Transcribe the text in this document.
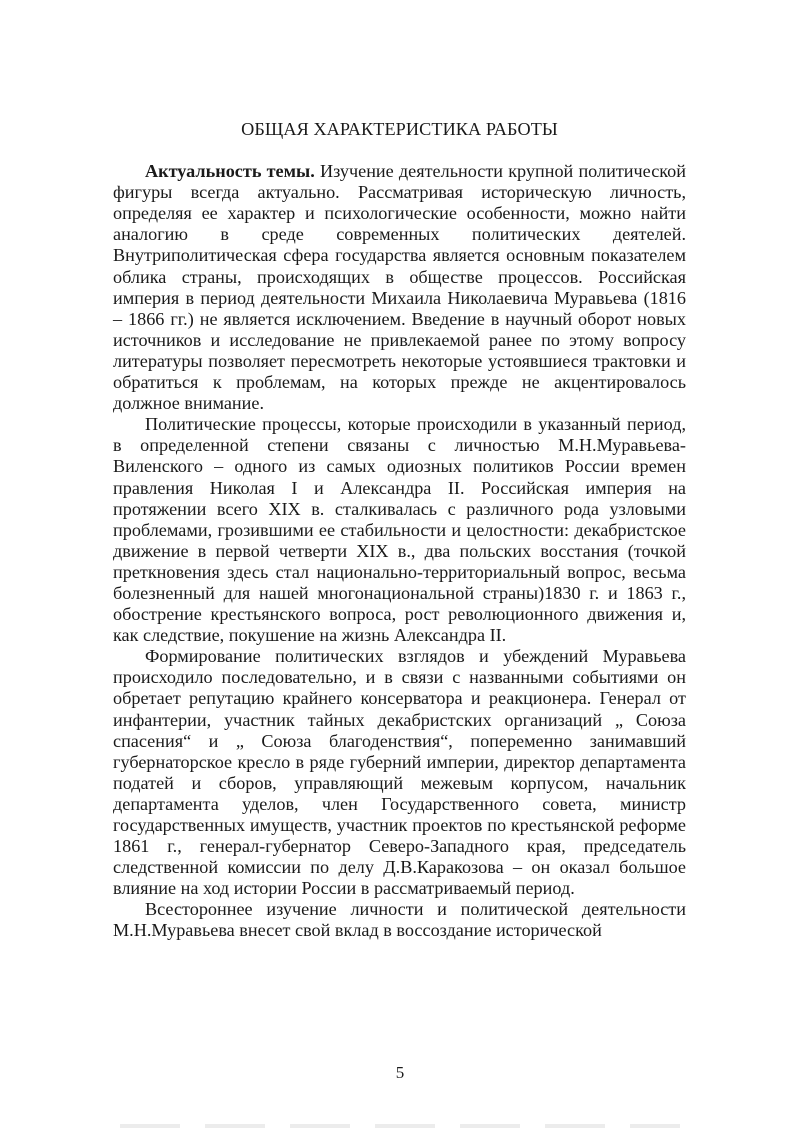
ОБЩАЯ ХАРАКТЕРИСТИКА РАБОТЫ

Актуальность темы. Изучение деятельности крупной политической фигуры всегда актуально. Рассматривая историческую личность, определяя ее характер и психологические особенности, можно найти аналогию в среде современных политических деятелей. Внутриполитическая сфера государства является основным показателем облика страны, происходящих в обществе процессов. Российская империя в период деятельности Михаила Николаевича Муравьева (1816 – 1866 гг.) не является исключением. Введение в научный оборот новых источников и исследование не привлекаемой ранее по этому вопросу литературы позволяет пересмотреть некоторые устоявшиеся трактовки и обратиться к проблемам, на которых прежде не акцентировалось должное внимание.

Политические процессы, которые происходили в указанный период, в определенной степени связаны с личностью М.Н.Муравьева-Виленского – одного из самых одиозных политиков России времен правления Николая I и Александра II. Российская империя на протяжении всего XIX в. сталкивалась с различного рода узловыми проблемами, грозившими ее стабильности и целостности: декабристское движение в первой четверти XIX в., два польских восстания (точкой преткновения здесь стал национально-территориальный вопрос, весьма болезненный для нашей многонациональной страны)1830 г. и 1863 г., обострение крестьянского вопроса, рост революционного движения и, как следствие, покушение на жизнь Александра II.

Формирование политических взглядов и убеждений Муравьева происходило последовательно, и в связи с названными событиями он обретает репутацию крайнего консерватора и реакционера. Генерал от инфантерии, участник тайных декабристских организаций „ Союза спасения“ и „ Союза благоденствия“, попеременно занимавший губернаторское кресло в ряде губерний империи, директор департамента податей и сборов, управляющий межевым корпусом, начальник департамента уделов, член Государственного совета, министр государственных имуществ, участник проектов по крестьянской реформе 1861 г., генерал-губернатор Северо-Западного края, председатель следственной комиссии по делу Д.В.Каракозова – он оказал большое влияние на ход истории России в рассматриваемый период.

Всестороннее изучение личности и политической деятельности М.Н.Муравьева внесет свой вклад в воссоздание исторической

5
